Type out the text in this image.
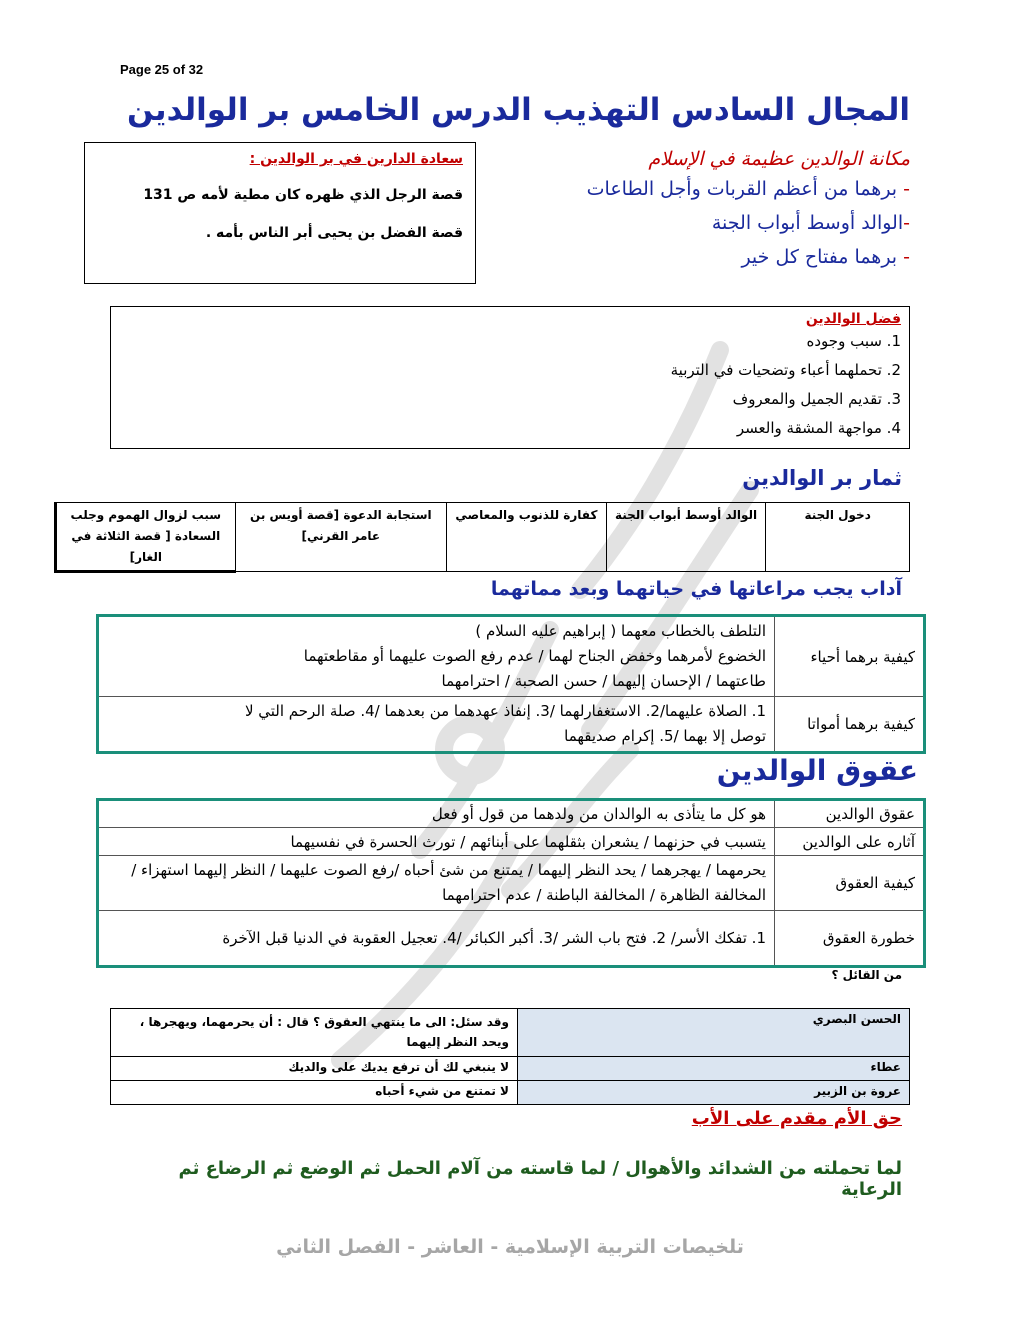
Page 25 of 32
المجال السادس التهذيب الدرس الخامس بر الوالدين
سعادة الدارين في بر الوالدين :
قصة الرجل الذي ظهره كان مطية لأمه ص 131
قصة الفضل بن يحيى أبر الناس بأمه .
مكانة الوالدين عظيمة في الإسلام
- برهما من أعظم القربات وأجل الطاعات
-الوالد أوسط أبواب الجنة
- برهما مفتاح كل خير
فضل الوالدين
1. سبب وجوده
2. تحملهما أعباء وتضحيات في التربية
3. تقديم الجميل والمعروف
4. مواجهة المشقة والعسر
ثمار بر الوالدين
دخول الجنة	الوالد أوسط أبواب الجنة	كفارة للذنوب والمعاصي	استجابة الدعوة [قصة أويس بن عامر القرني]	سبب لزوال الهموم وجلب السعادة [ قصة الثلاثة في الغار]
آداب يجب مراعاتها في حياتهما وبعد مماتهما
كيفية برهما أحياء	التلطف بالخطاب معهما ( إبراهيم عليه السلام )
الخضوع لأمرهما وخفض الجناح لهما / عدم رفع الصوت عليهما أو مقاطعتهما
طاعتهما / الإحسان إليهما / حسن الصحبة / احترامهما

كيفية برهما أمواتا	1. الصلاة عليهما/2. الاستغفارلهما /3. إنفاذ عهدهما من بعدهما /4. صلة الرحم التي لا
توصل إلا بهما /5. إكرام صديقهما
عقوق الوالدين
عقوق الوالدين	هو كل ما يتأذى به الوالدان من ولدهما من قول أو فعل
آثاره على الوالدين	يتسبب في حزنهما / يشعران بثقلهما على أبنائهم / تورث الحسرة في نفسيهما
كيفية العقوق	يحرمهما / يهجرهما / يحد النظر إليهما / يمتنع من شئ أحباه /رفع الصوت عليهما / النظر إليهما استهزاء / المخالفة الظاهرة / المخالفة الباطنة / عدم احترامهما
خطورة العقوق	1. تفكك الأسر/ 2. فتح باب الشر /3. أكبر الكبائر /4. تعجيل العقوبة في الدنيا قبل الآخرة
من القائل ؟
الحسن البصري	وقد سئل: الى ما ينتهي العقوق ؟ قال : أن يحرمهما، ويهجرها ، ويحد النظر إليهما
عطاء	لا ينبغي لك أن ترفع يديك على والديك
عروة بن الزبير	لا تمتنع من شيء أحباه
حق الأم مقدم على الأب
لما تحملته من الشدائد والأهوال / لما قاسته من آلام الحمل ثم الوضع ثم الرضاع ثم الرعاية
تلخيصات التربية الإسلامية - العاشر - الفصل الثاني
